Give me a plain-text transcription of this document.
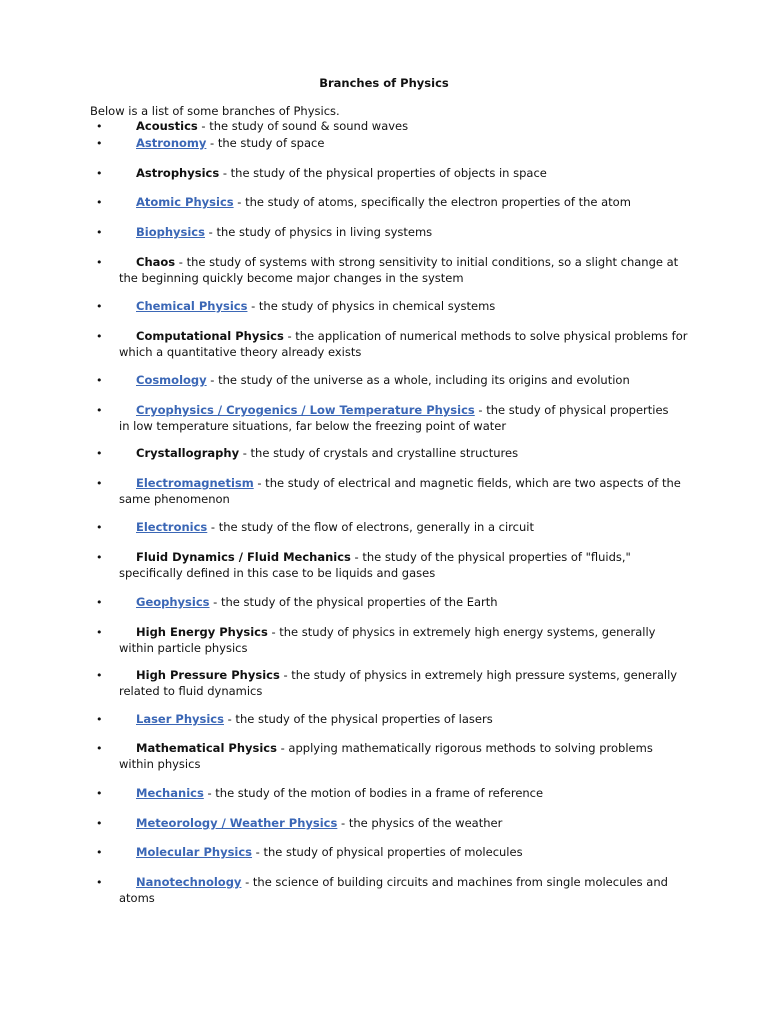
Branches of Physics
Below is a list of some branches of Physics.
•	Acoustics - the study of sound & sound waves
•	Astronomy - the study of space
•	Astrophysics - the study of the physical properties of objects in space
•	Atomic Physics - the study of atoms, specifically the electron properties of the atom
•	Biophysics - the study of physics in living systems
•	Chaos - the study of systems with strong sensitivity to initial conditions, so a slight change at
the beginning quickly become major changes in the system
•	Chemical Physics - the study of physics in chemical systems
•	Computational Physics - the application of numerical methods to solve physical problems for
which a quantitative theory already exists
•	Cosmology - the study of the universe as a whole, including its origins and evolution
•	Cryophysics / Cryogenics / Low Temperature Physics - the study of physical properties
in low temperature situations, far below the freezing point of water
•	Crystallography - the study of crystals and crystalline structures
•	Electromagnetism - the study of electrical and magnetic fields, which are two aspects of the
same phenomenon
•	Electronics - the study of the flow of electrons, generally in a circuit
•	Fluid Dynamics / Fluid Mechanics - the study of the physical properties of "fluids,"
specifically defined in this case to be liquids and gases
•	Geophysics - the study of the physical properties of the Earth
•	High Energy Physics - the study of physics in extremely high energy systems, generally
within particle physics
•	High Pressure Physics - the study of physics in extremely high pressure systems, generally
related to fluid dynamics
•	Laser Physics - the study of the physical properties of lasers
•	Mathematical Physics - applying mathematically rigorous methods to solving problems
within physics
•	Mechanics - the study of the motion of bodies in a frame of reference
•	Meteorology / Weather Physics - the physics of the weather
•	Molecular Physics - the study of physical properties of molecules
•	Nanotechnology - the science of building circuits and machines from single molecules and
atoms
